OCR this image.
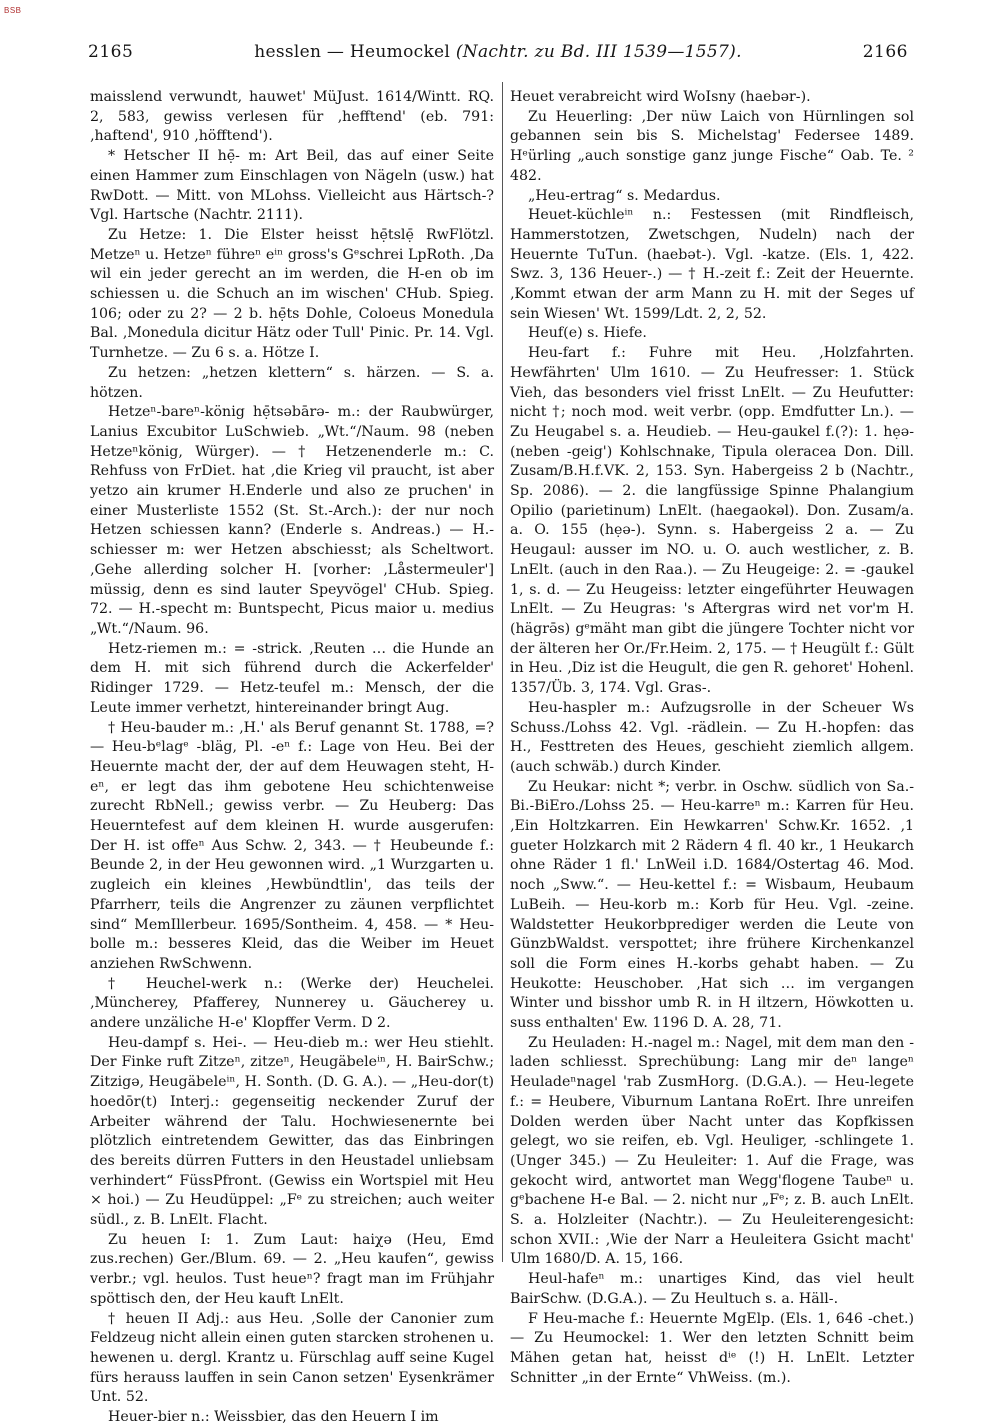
BSB
2165	hesslen — Heumockel (Nachtr. zu Bd. III 1539—1557).	2166

maisslend verwundt, hauwet' MüJust. 1614/Wintt. RQ. 2, 583, gewiss verlesen für ‚hefftend' (eb. 791: ‚haftend', 910 ‚höfftend').

* Hetscher II hẹ̄- m: Art Beil, das auf einer Seite einen Hammer zum Einschlagen von Nägeln (usw.) hat RwDott. — Mitt. von MLohss. Vielleicht aus Härtsch-? Vgl. Hartsche (Nachtr. 2111).

Zu Hetze: 1. Die Elster heisst hẹ̄tslẹ̄ RwFlötzl. Metzeⁿ u. Hetzeⁿ führeⁿ eⁱⁿ gross's Gᵉschrei LpRoth. ‚Da wil ein jeder gerecht an im werden, die H-en ob im schiessen u. die Schuch an im wischen' CHub. Spieg. 106; oder zu 2? — 2 b. hẹ̄ts Dohle, Coloeus Monedula Bal. ‚Monedula dicitur Hätz oder Tull' Pinic. Pr. 14. Vgl. Turnhetze. — Zu 6 s. a. Hötze I.

Zu hetzen: „hetzen klettern“ s. härzen. — S. a. hötzen.

Hetzeⁿ-bareⁿ-könig hẹ̄tsəbārə- m.: der Raubwürger, Lanius Excubitor LuSchwieb. „Wt.“/Naum. 98 (neben Hetzeⁿkönig, Würger). — † Hetzenenderle m.: C. Rehfuss von FrDiet. hat ‚die Krieg vil praucht, ist aber yetzo ain krumer H.Enderle und also ze pruchen' in einer Musterliste 1552 (St. St.-Arch.): der nur noch Hetzen schiessen kann? (Enderle s. Andreas.) — H.-schiesser m: wer Hetzen abschiesst; als Scheltwort. ‚Gehe allerding solcher H. [vorher: ‚Låstermeuler'] müssig, denn es sind lauter Speyvögel' CHub. Spieg. 72. — H.-specht m: Buntspecht, Picus maior u. medius „Wt.“/Naum. 96.

Hetz-riemen m.: = -strick. ‚Reuten … die Hunde an dem H. mit sich führend durch die Ackerfelder' Ridinger 1729. — Hetz-teufel m.: Mensch, der die Leute immer verhetzt, hintereinander bringt Aug.

† Heu-bauder m.: ‚H.' als Beruf genannt St. 1788, =? — Heu-bᵉlagᵉ -bläg, Pl. -eⁿ f.: Lage von Heu. Bei der Heuernte macht der, der auf dem Heuwagen steht, H-eⁿ, er legt das ihm gebotene Heu schichtenweise zurecht RbNell.; gewiss verbr. — Zu Heuberg: Das Heuerntefest auf dem kleinen H. wurde ausgerufen: Der H. ist offeⁿ Aus Schw. 2, 343. — † Heubeunde f.: Beunde 2, in der Heu gewonnen wird. „1 Wurzgarten u. zugleich ein kleines ‚Hewbündtlin', das teils der Pfarrherr, teils die Angrenzer zu zäunen verpflichtet sind“ MemIllerbeur. 1695/Sontheim. 4, 458. — * Heu-bolle m.: besseres Kleid, das die Weiber im Heuet anziehen RwSchwenn.

† Heuchel-werk n.: (Werke der) Heuchelei. ‚Müncherey, Pfafferey, Nunnerey u. Gäucherey u. andere unzäliche H-e' Klopffer Verm. D 2.

Heu-dampf s. Hei-. — Heu-dieb m.: wer Heu stiehlt. Der Finke ruft Zitzeⁿ, zitzeⁿ, Heugäbeleⁱⁿ, H. BairSchw.; Zitzigə, Heugäbeleⁱⁿ, H. Sonth. (D. G. A.). — „Heu-dor(t) hoedōr(t) Interj.: gegenseitig neckender Zuruf der Arbeiter während der Talu. Hochwiesenernte bei plötzlich eintretendem Gewitter, das das Einbringen des bereits dürren Futters in den Heustadel unliebsam verhindert“ FüssPfront. (Gewiss ein Wortspiel mit Heu × hoi.) — Zu Heudüppel: „Fᵉ zu streichen; auch weiter südl., z. B. LnElt. Flacht.

Zu heuen I: 1. Zum Laut: haiχə (Heu, Emd zus.rechen) Ger./Blum. 69. — 2. „Heu kaufen“, gewiss verbr.; vgl. heulos. Tust heueⁿ? fragt man im Frühjahr spöttisch den, der Heu kauft LnElt.

† heuen II Adj.: aus Heu. ‚Solle der Canonier zum Feldzeug nicht allein einen guten starcken strohenen u. hewenen u. dergl. Krantz u. Fürschlag auff seine Kugel fürs herauss lauffen in sein Canon setzen' Eysenkrämer Unt. 52.

Heuer-bier n.: Weissbier, das den Heuern I im

Heuet verabreicht wird WoIsny (haebər-).

Zu Heuerling: ‚Der nüw Laich von Hürnlingen sol gebannen sein bis S. Michelstag' Federsee 1489. Hᵉürling „auch sonstige ganz junge Fische“ Oab. Te. ² 482.

„Heu-ertrag“ s. Medardus.

Heuet-küchleⁱⁿ n.: Festessen (mit Rindfleisch, Hammerstotzen, Zwetschgen, Nudeln) nach der Heuernte TuTun. (haebət-). Vgl. -katze. (Els. 1, 422. Swz. 3, 136 Heuer-.) — † H.-zeit f.: Zeit der Heuernte. ‚Kommt etwan der arm Mann zu H. mit der Seges uf sein Wiesen' Wt. 1599/Ldt. 2, 2, 52.

Heuf(e) s. Hiefe.

Heu-fart f.: Fuhre mit Heu. ‚Holzfahrten. Hewfährten' Ulm 1610. — Zu Heufresser: 1. Stück Vieh, das besonders viel frisst LnElt. — Zu Heufutter: nicht †; noch mod. weit verbr. (opp. Emdfutter Ln.). — Zu Heugabel s. a. Heudieb. — Heu-gaukel f.(?): 1. hẹə- (neben -geig') Kohlschnake, Tipula oleracea Don. Dill. Zusam/B.H.f.VK. 2, 153. Syn. Habergeiss 2 b (Nachtr., Sp. 2086). — 2. die langfüssige Spinne Phalangium Opilio (parietinum) LnElt. (haegaokəl). Don. Zusam/a. a. O. 155 (hẹə-). Synn. s. Habergeiss 2 a. — Zu Heugaul: ausser im NO. u. O. auch westlicher, z. B. LnElt. (auch in den Raa.). — Zu Heugeige: 2. = -gaukel 1, s. d. — Zu Heugeiss: letzter eingeführter Heuwagen LnElt. — Zu Heugras: 's Aftergras wird net vor'm H. (hägrə̄s) gᵉmäht man gibt die jüngere Tochter nicht vor der älteren her Or./Fr.Heim. 2, 175. — † Heugült f.: Gült in Heu. ‚Diz ist die Heugult, die gen R. gehoret' Hohenl. 1357/Üb. 3, 174. Vgl. Gras-.

Heu-haspler m.: Aufzugsrolle in der Scheuer Ws Schuss./Lohss 42. Vgl. -rädlein. — Zu H.-hopfen: das H., Festtreten des Heues, geschieht ziemlich allgem. (auch schwäb.) durch Kinder.

Zu Heukar: nicht *; verbr. in Oschw. südlich von Sa.-Bi.-BiEro./Lohss 25. — Heu-karreⁿ m.: Karren für Heu. ‚Ein Holtzkarren. Ein Hewkarren' Schw.Kr. 1652. ‚1 gueter Holzkarch mit 2 Rädern 4 fl. 40 kr., 1 Heukarch ohne Räder 1 fl.' LnWeil i.D. 1684/Ostertag 46. Mod. noch „Sww.“. — Heu-kettel f.: = Wisbaum, Heubaum LuBeih. — Heu-korb m.: Korb für Heu. Vgl. -zeine. Waldstetter Heukorbprediger werden die Leute von GünzbWaldst. verspottet; ihre frühere Kirchenkanzel soll die Form eines H.-korbs gehabt haben. — Zu Heukotte: Heuschober. ‚Hat sich … im vergangen Winter und bisshor umb R. in H iltzern, Höwkotten u. suss enthalten' Ew. 1196 D. A. 28, 71.

Zu Heuladen: H.-nagel m.: Nagel, mit dem man den -laden schliesst. Sprechübung: Lang mir deⁿ langeⁿ Heuladeⁿnagel 'rab ZusmHorg. (D.G.A.). — Heu-legete f.: = Heubere, Viburnum Lantana RoErt. Ihre unreifen Dolden werden über Nacht unter das Kopfkissen gelegt, wo sie reifen, eb. Vgl. Heuliger, -schlingete 1. (Unger 345.) — Zu Heuleiter: 1. Auf die Frage, was gekocht wird, antwortet man Wegg'flogene Taubeⁿ u. gᵉbachene H-e Bal. — 2. nicht nur „Fᵉ; z. B. auch LnElt. S. a. Holzleiter (Nachtr.). — Zu Heuleiterengesicht: schon XVII.: ‚Wie der Narr a Heuleitera Gsicht macht' Ulm 1680/D. A. 15, 166.

Heul-hafeⁿ m.: unartiges Kind, das viel heult BairSchw. (D.G.A.). — Zu Heultuch s. a. Häll-.

F Heu-mache f.: Heuernte MgElp. (Els. 1, 646 -chet.) — Zu Heumockel: 1. Wer den letzten Schnitt beim Mähen getan hat, heisst dⁱᵉ (!) H. LnElt. Letzter Schnitter „in der Ernte“ VhWeiss. (m.).
